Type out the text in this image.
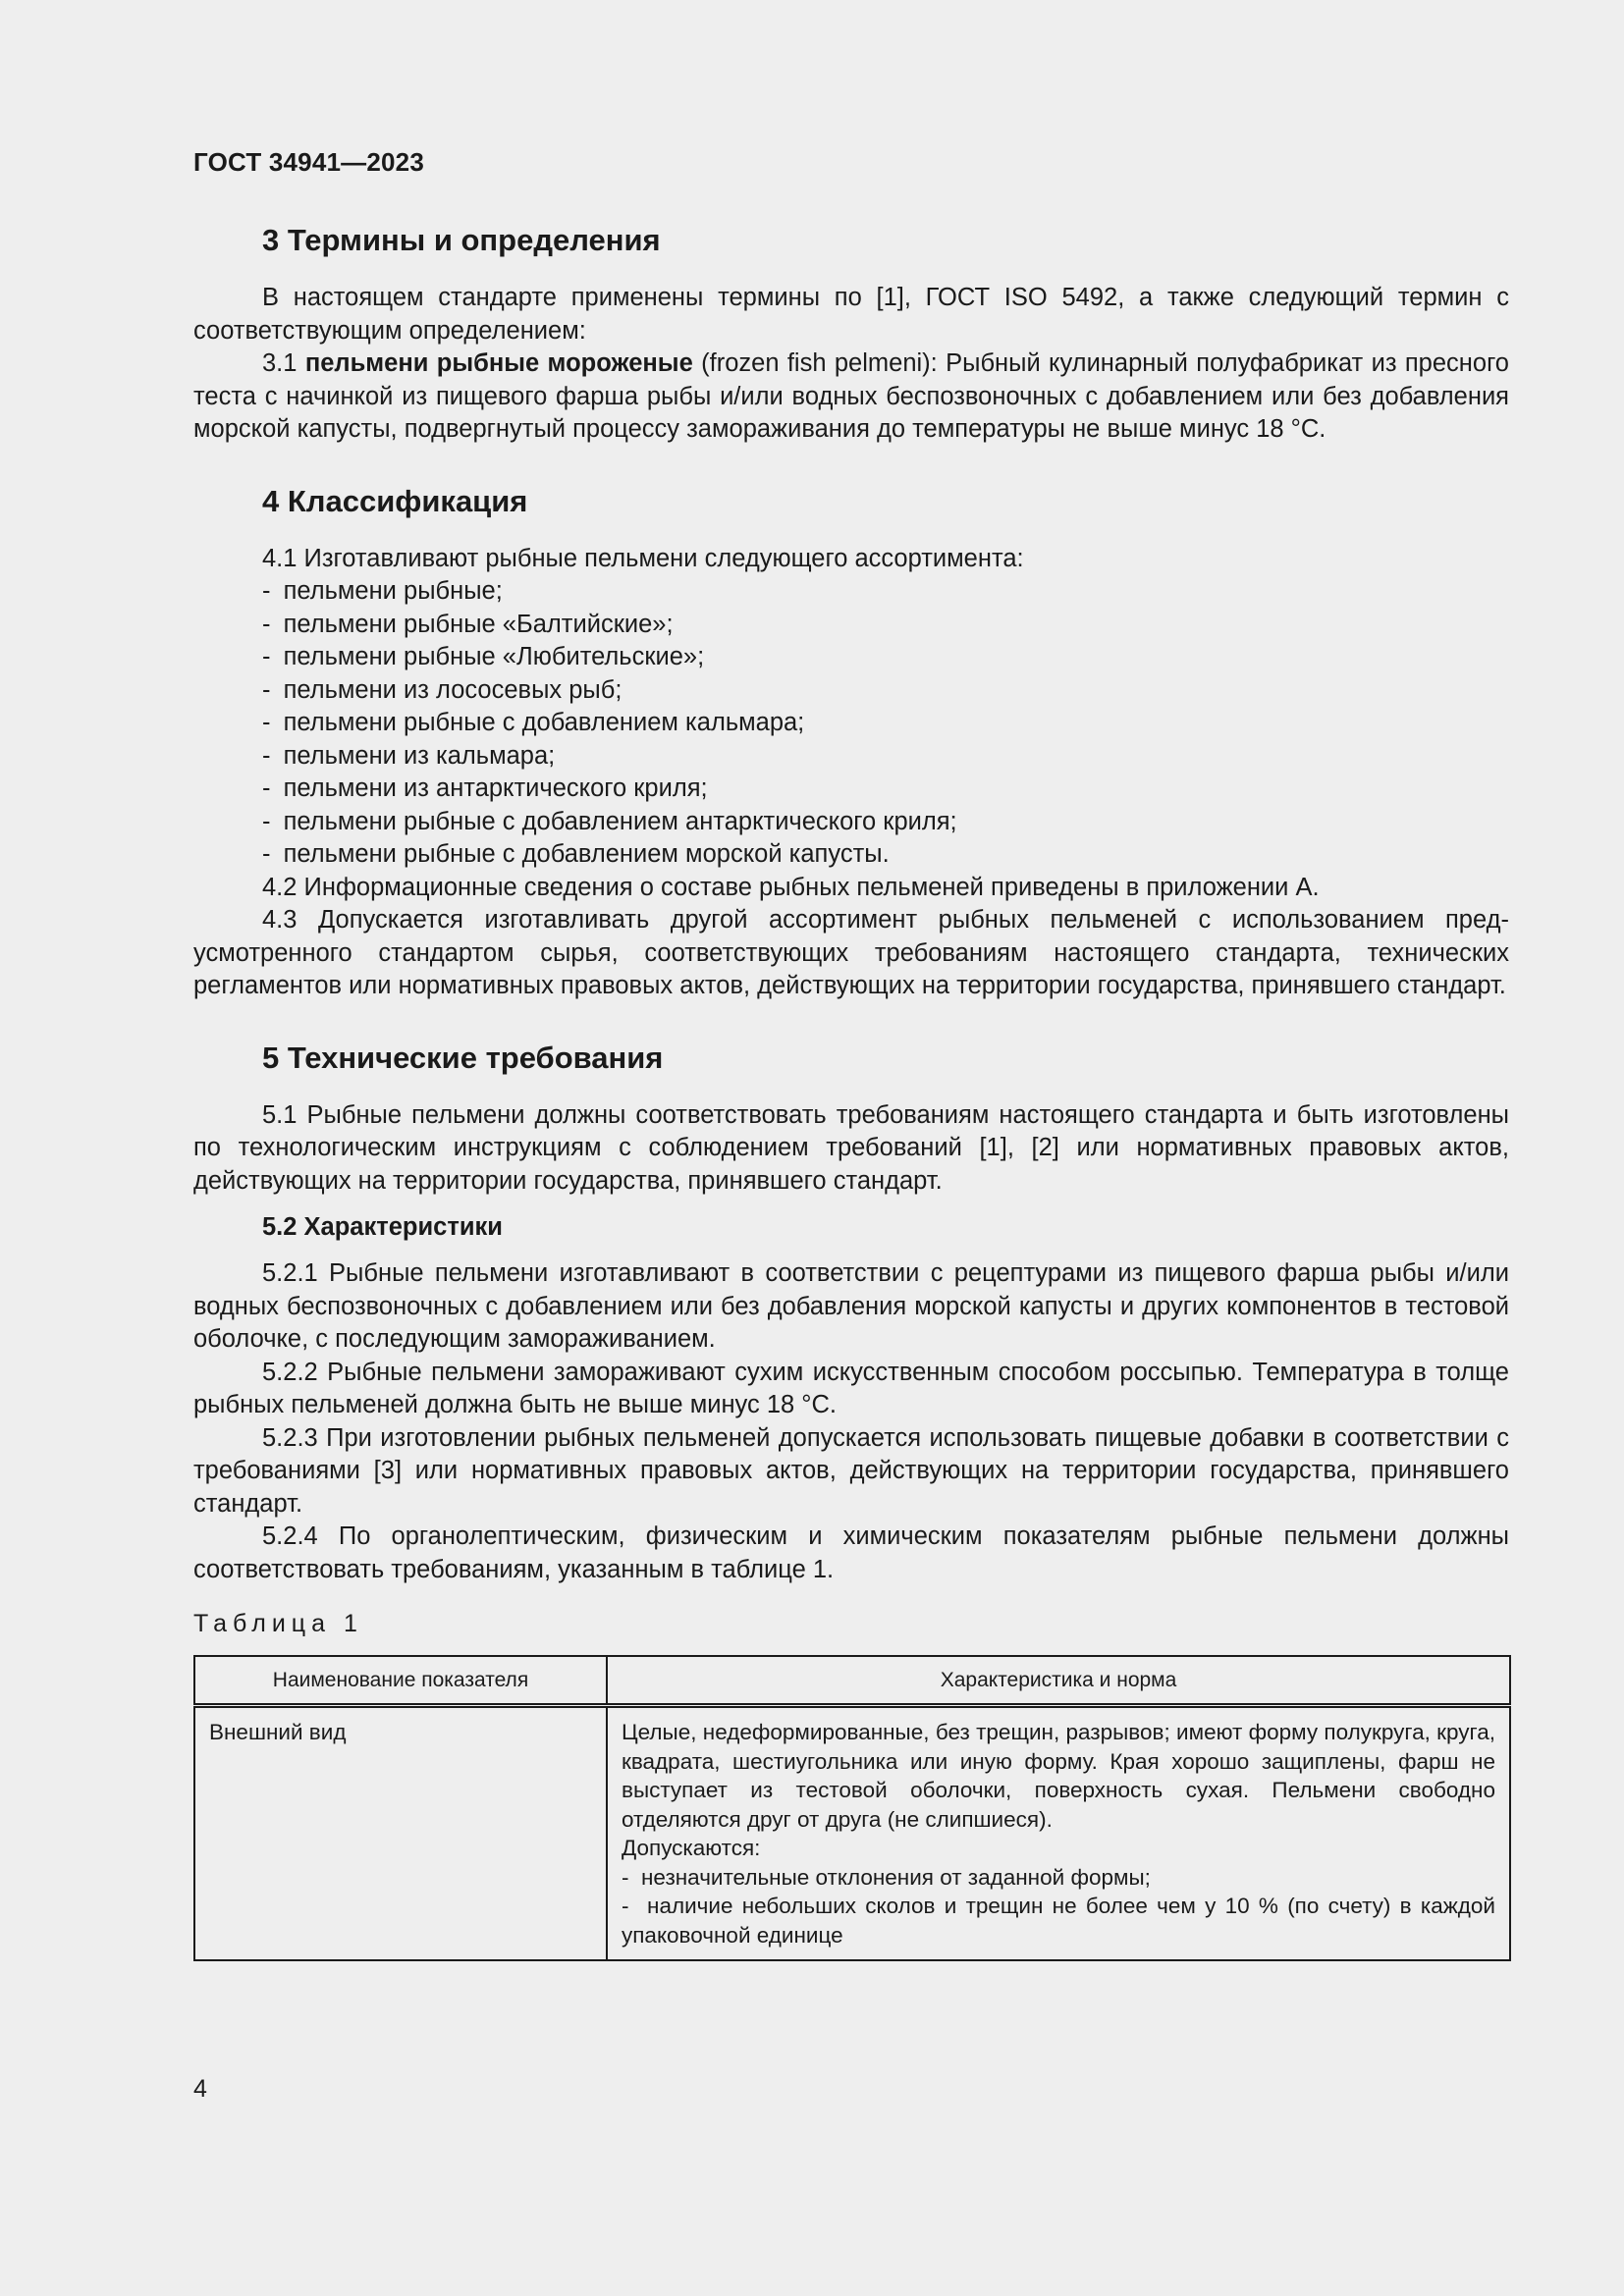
ГОСТ 34941—2023
3 Термины и определения

В настоящем стандарте применены термины по [1], ГОСТ ISO 5492, а также следующий термин с соответствующим определением:

3.1 пельмени рыбные мороженые (frozen fish pelmeni): Рыбный кулинарный полуфабрикат из пресного теста с начинкой из пищевого фарша рыбы и/или водных беспозвоночных с добавлением или без добавления морской капусты, подвергнутый процессу замораживания до температуры не выше минус 18 °С.

4 Классификация

4.1 Изготавливают рыбные пельмени следующего ассортимента:

- пельмени рыбные;
- пельмени рыбные «Балтийские»;
- пельмени рыбные «Любительские»;
- пельмени из лососевых рыб;
- пельмени рыбные с добавлением кальмара;
- пельмени из кальмара;
- пельмени из антарктического криля;
- пельмени рыбные с добавлением антарктического криля;
- пельмени рыбные с добавлением морской капусты.

4.2 Информационные сведения о составе рыбных пельменей приведены в приложении А.

4.3 Допускается изготавливать другой ассортимент рыбных пельменей с использованием предусмотренного стандартом сырья, соответствующих требованиям настоящего стандарта, технических регламентов или нормативных правовых актов, действующих на территории государства, принявшего стандарт.

5 Технические требования

5.1 Рыбные пельмени должны соответствовать требованиям настоящего стандарта и быть изготовлены по технологическим инструкциям с соблюдением требований [1], [2] или нормативных правовых актов, действующих на территории государства, принявшего стандарт.

5.2 Характеристики

5.2.1 Рыбные пельмени изготавливают в соответствии с рецептурами из пищевого фарша рыбы и/или водных беспозвоночных с добавлением или без добавления морской капусты и других компонентов в тестовой оболочке, с последующим замораживанием.

5.2.2 Рыбные пельмени замораживают сухим искусственным способом россыпью. Температура в толще рыбных пельменей должна быть не выше минус 18 °С.

5.2.3 При изготовлении рыбных пельменей допускается использовать пищевые добавки в соответствии с требованиями [3] или нормативных правовых актов, действующих на территории государства, принявшего стандарт.

5.2.4 По органолептическим, физическим и химическим показателям рыбные пельмени должны соответствовать требованиям, указанным в таблице 1.

Таблица 1
Наименование показателя	Характеристика и норма
Внешний вид	Целые, недеформированные, без трещин, разрывов; имеют форму полукруга, круга, квадрата, шестиугольника или иную форму. Края хорошо защиплены, фарш не выступает из тестовой оболочки, поверхность сухая. Пельмени свободно отделяются друг от друга (не слипшиеся).
Допускаются:
-  незначительные отклонения от заданной формы;
-  наличие небольших сколов и трещин не более чем у 10 % (по счету) в каждой упаковочной единице
4
